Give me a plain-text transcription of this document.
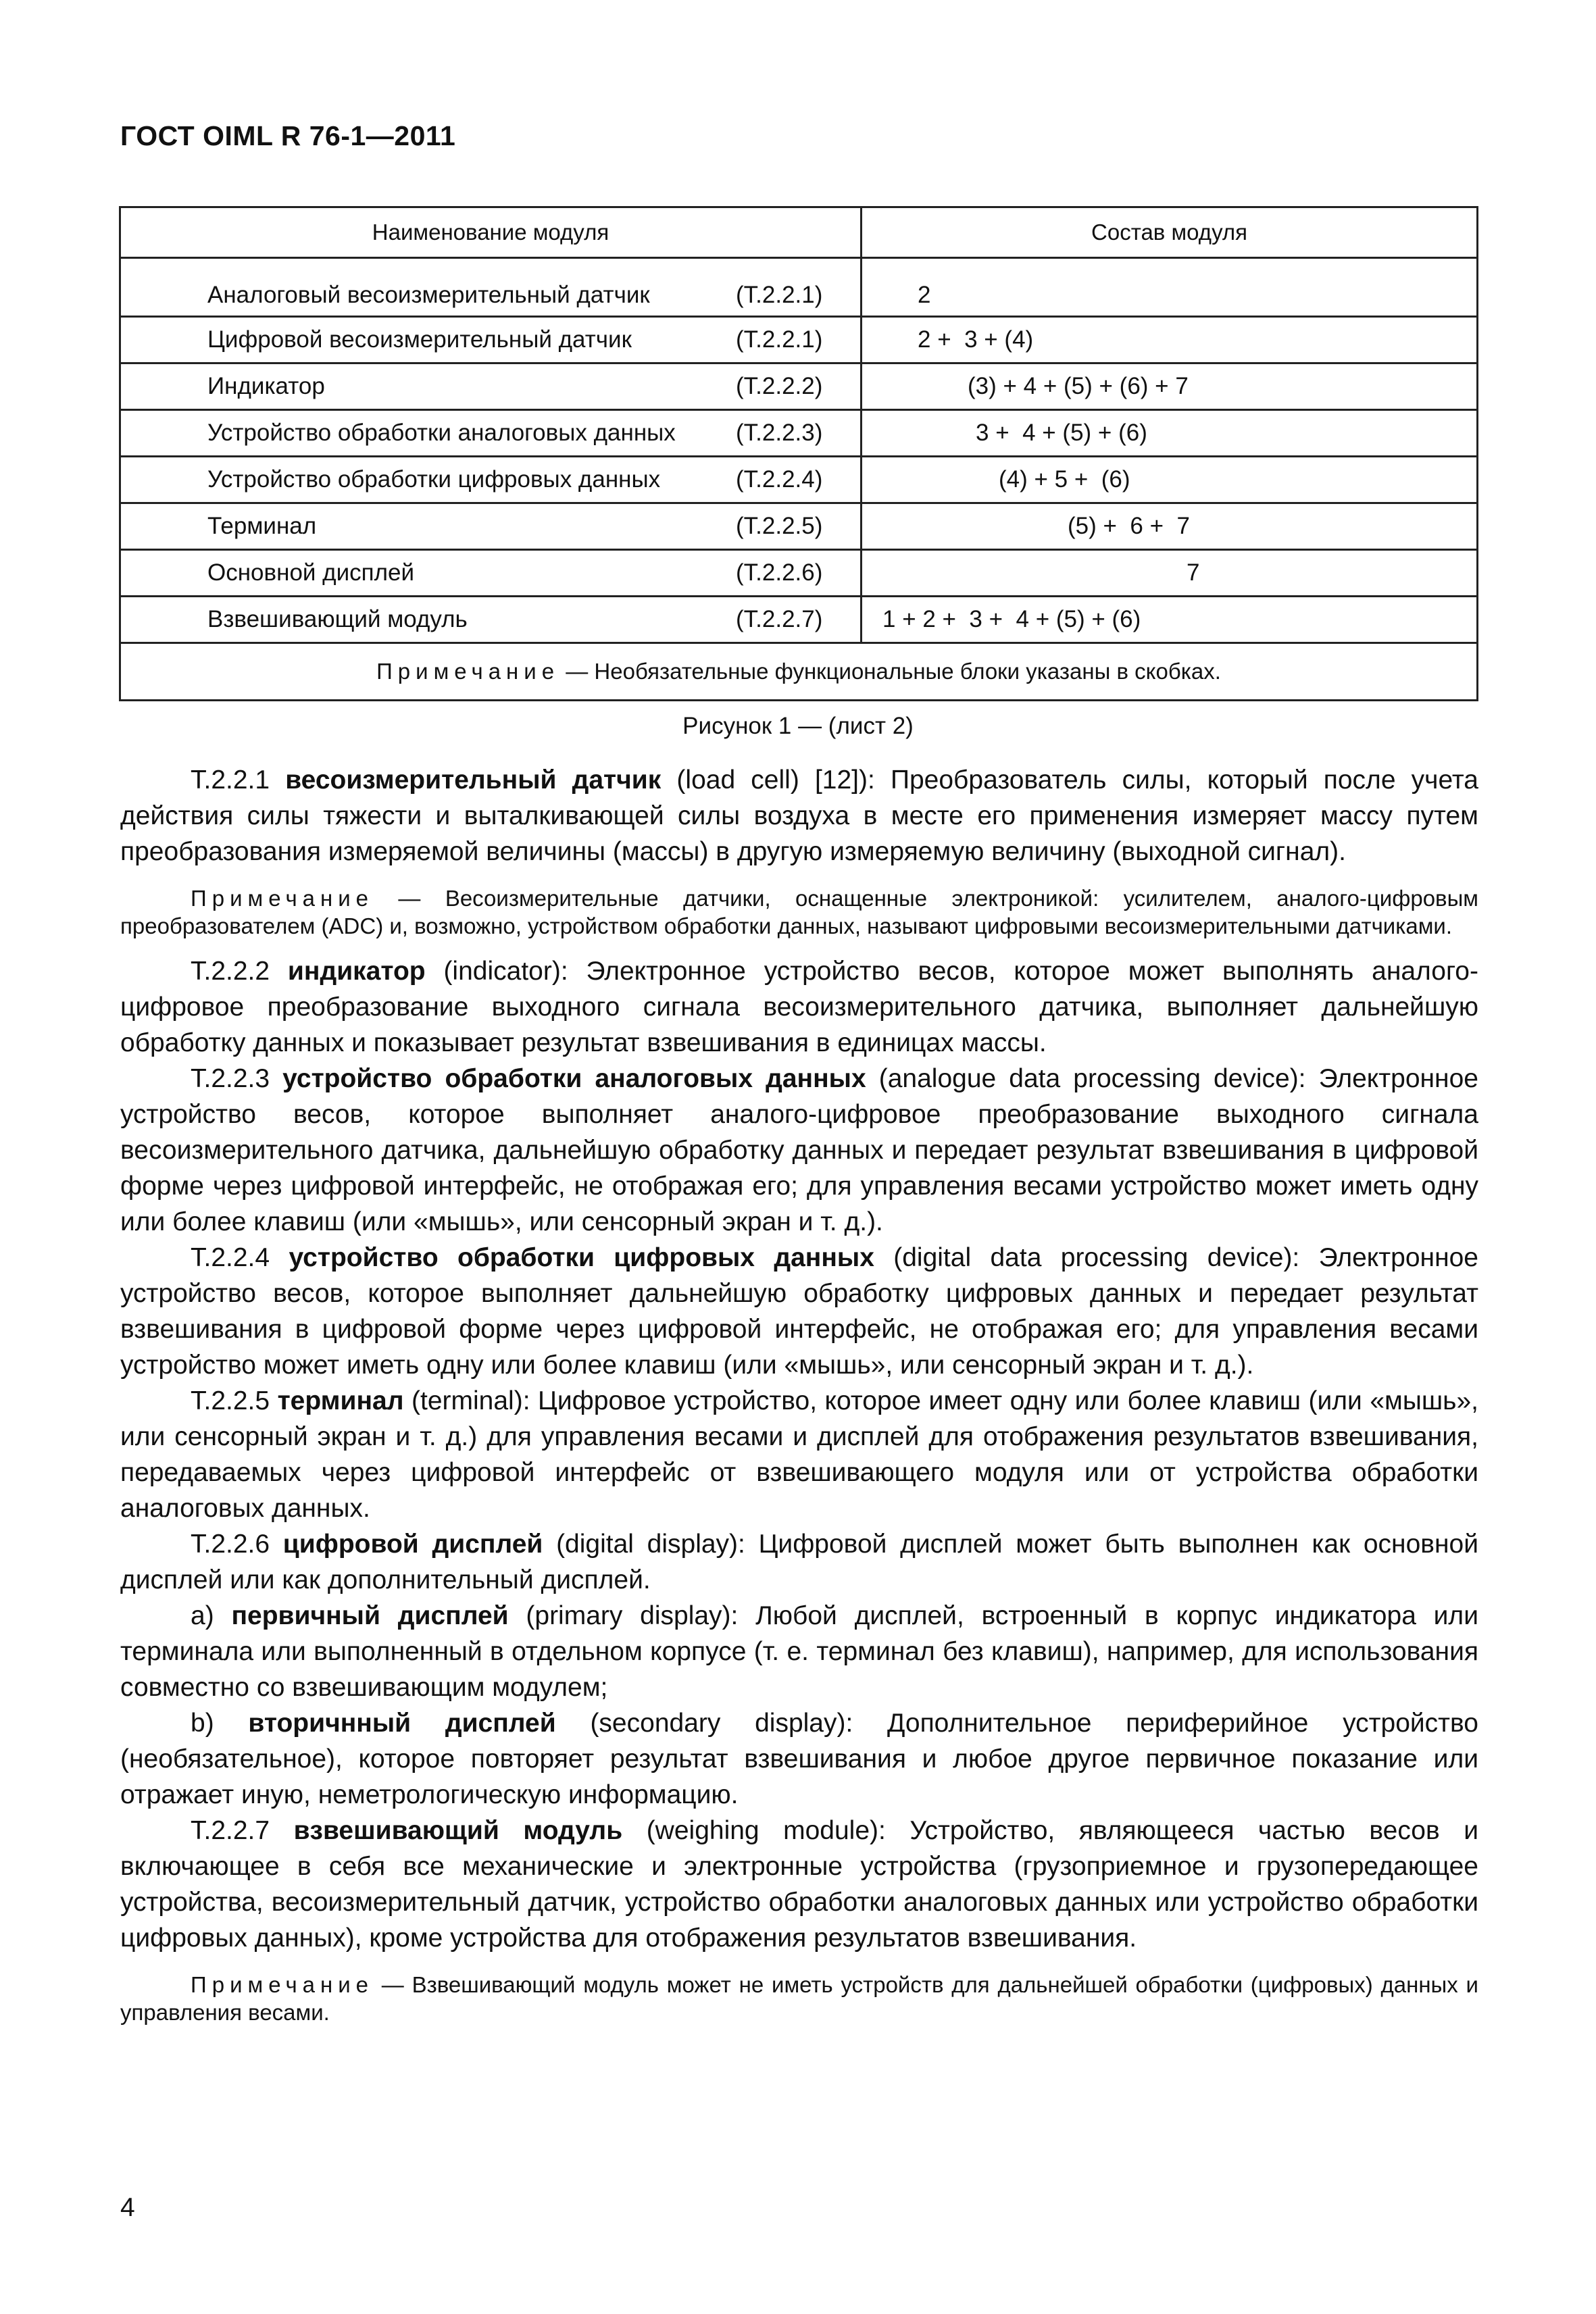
ГОСТ OIML R 76-1—2011
Наименование модуля	Состав модуля

Аналоговый весоизмерительный датчик (T.2.2.1)	2

Цифровой весоизмерительный датчик (T.2.2.1)	2 +  3 + (4)

Индикатор (T.2.2.2)	(3) + 4 + (5) + (6) + 7

Устройство обработки аналоговых данных (T.2.2.3)	3 +  4 + (5) + (6)

Устройство обработки цифровых данных (T.2.2.4)	(4) + 5 +  (6)

Терминал (T.2.2.5)	(5) +  6 +  7

Основной дисплей (T.2.2.6)	7

Взвешивающий модуль (T.2.2.7)	1 + 2 +  3 +  4 + (5) + (6)

Примечание — Необязательные функциональные блоки указаны в скобках.	
Рисунок 1 — (лист 2)

T.2.2.1 весоизмерительный датчик (load cell) [12]): Преобразователь силы, который после учета действия силы тяжести и выталкивающей силы воздуха в месте его применения измеряет массу путем преобразования измеряемой величины (массы) в другую измеряемую величину (выходной сигнал).

Примечание — Весоизмерительные датчики, оснащенные электроникой: усилителем, аналого-цифровым преобразователем (ADC) и, возможно, устройством обработки данных, называют цифровыми весоизмерительными датчиками.

T.2.2.2 индикатор (indicator): Электронное устройство весов, которое может выполнять аналого-цифровое преобразование выходного сигнала весоизмерительного датчика, выполняет дальнейшую обработку данных и показывает результат взвешивания в единицах массы.

T.2.2.3 устройство обработки аналоговых данных (analogue data processing device): Электронное устройство весов, которое выполняет аналого-цифровое преобразование выходного сигнала весоизмерительного датчика, дальнейшую обработку данных и передает результат взвешивания в цифровой форме через цифровой интерфейс, не отображая его; для управления весами устройство может иметь одну или более клавиш (или «мышь», или сенсорный экран и т. д.).

T.2.2.4 устройство обработки цифровых данных (digital data processing device): Электронное устройство весов, которое выполняет дальнейшую обработку цифровых данных и передает результат взвешивания в цифровой форме через цифровой интерфейс, не отображая его; для управления весами устройство может иметь одну или более клавиш (или «мышь», или сенсорный экран и т. д.).

T.2.2.5 терминал (terminal): Цифровое устройство, которое имеет одну или более клавиш (или «мышь», или сенсорный экран и т. д.) для управления весами и дисплей для отображения результатов взвешивания, передаваемых через цифровой интерфейс от взвешивающего модуля или от устройства обработки аналоговых данных.

T.2.2.6 цифровой дисплей (digital display): Цифровой дисплей может быть выполнен как основной дисплей или как дополнительный дисплей.

a) первичный дисплей (primary display): Любой дисплей, встроенный в корпус индикатора или терминала или выполненный в отдельном корпусе (т. е. терминал без клавиш), например, для использования совместно со взвешивающим модулем;

b) вторичнный дисплей (secondary display): Дополнительное периферийное устройство (необязательное), которое повторяет результат взвешивания и любое другое первичное показание или отражает иную, неметрологическую информацию.

T.2.2.7 взвешивающий модуль (weighing module): Устройство, являющееся частью весов и включающее в себя все механические и электронные устройства (грузоприемное и грузопередающее устройства, весоизмерительный датчик, устройство обработки аналоговых данных или устройство обработки цифровых данных), кроме устройства для отображения результатов взвешивания.

Примечание — Взвешивающий модуль может не иметь устройств для дальнейшей обработки (цифровых) данных и управления весами.

4
